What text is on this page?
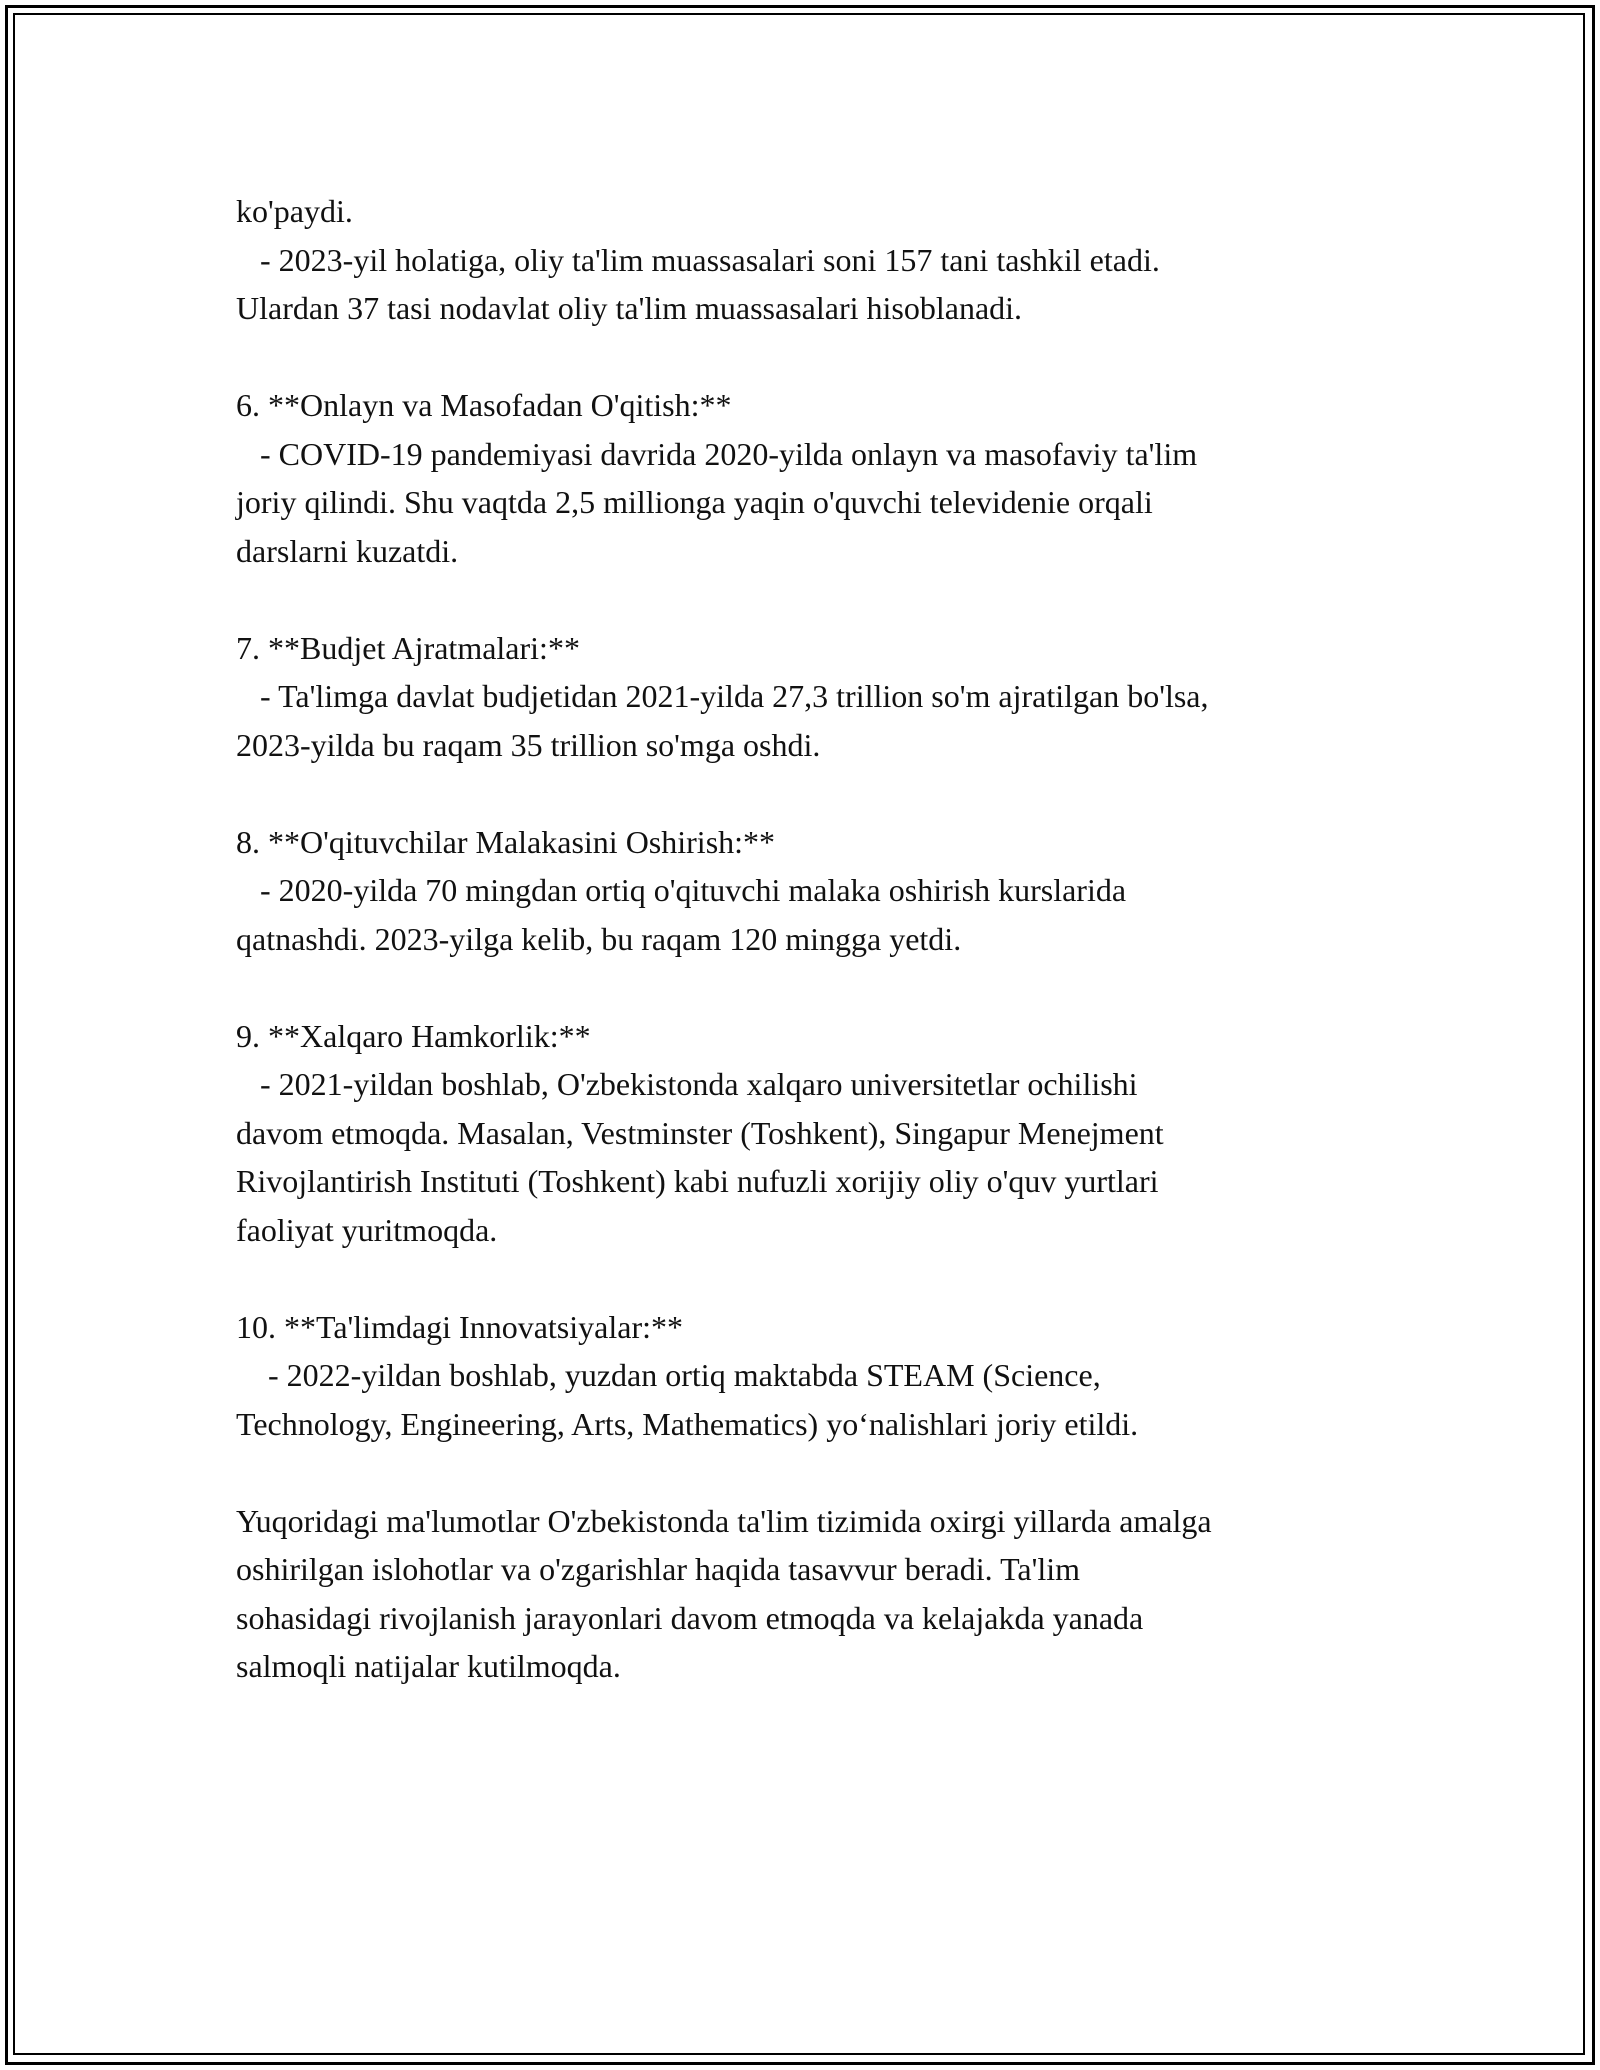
ko'paydi.
- 2023-yil holatiga, oliy ta'lim muassasalari soni 157 tani tashkil etadi.
Ulardan 37 tasi nodavlat oliy ta'lim muassasalari hisoblanadi.
6. **Onlayn va Masofadan O'qitish:**
- COVID-19 pandemiyasi davrida 2020-yilda onlayn va masofaviy ta'lim
joriy qilindi. Shu vaqtda 2,5 millionga yaqin o'quvchi televidenie orqali
darslarni kuzatdi.
7. **Budjet Ajratmalari:**
- Ta'limga davlat budjetidan 2021-yilda 27,3 trillion so'm ajratilgan bo'lsa,
2023-yilda bu raqam 35 trillion so'mga oshdi.
8. **O'qituvchilar Malakasini Oshirish:**
- 2020-yilda 70 mingdan ortiq o'qituvchi malaka oshirish kurslarida
qatnashdi. 2023-yilga kelib, bu raqam 120 mingga yetdi.
9. **Xalqaro Hamkorlik:**
- 2021-yildan boshlab, O'zbekistonda xalqaro universitetlar ochilishi
davom etmoqda. Masalan, Vestminster (Toshkent), Singapur Menejment
Rivojlantirish Instituti (Toshkent) kabi nufuzli xorijiy oliy o'quv yurtlari
faoliyat yuritmoqda.
10. **Ta'limdagi Innovatsiyalar:**
- 2022-yildan boshlab, yuzdan ortiq maktabda STEAM (Science,
Technology, Engineering, Arts, Mathematics) yo‘nalishlari joriy etildi.
Yuqoridagi ma'lumotlar O'zbekistonda ta'lim tizimida oxirgi yillarda amalga
oshirilgan islohotlar va o'zgarishlar haqida tasavvur beradi. Ta'lim
sohasidagi rivojlanish jarayonlari davom etmoqda va kelajakda yanada
salmoqli natijalar kutilmoqda.
